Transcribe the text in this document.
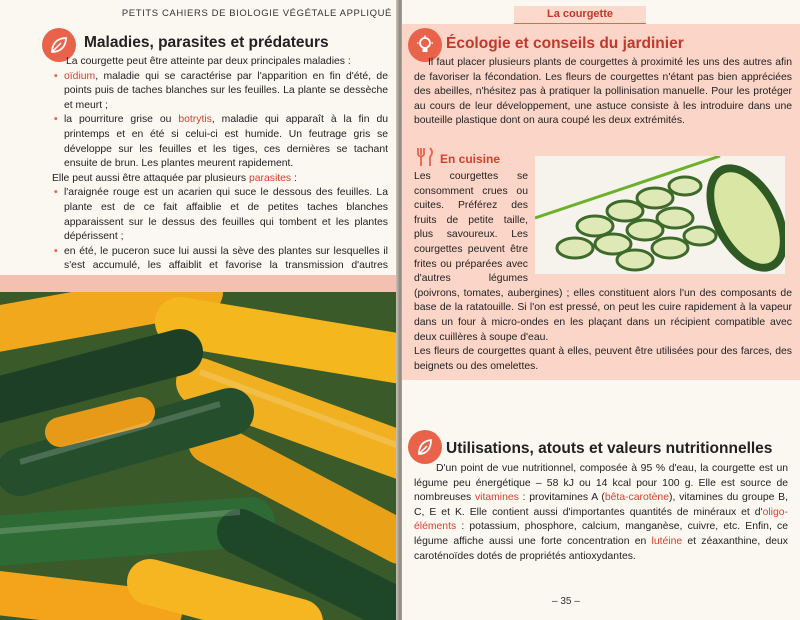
PETITS CAHIERS DE BIOLOGIE VÉGÉTALE APPLIQUÉ
Maladies, parasites et prédateurs

La courgette peut être atteinte par deux principales maladies :

• oïdium, maladie qui se caractérise par l'apparition en fin d'été, de points puis de taches blanches sur les feuilles. La plante se dessèche et meurt ;

• la pourriture grise ou botrytis, maladie qui apparaît à la fin du printemps et en été si celui-ci est humide. Un feutrage gris se développe sur les feuilles et les tiges, ces dernières se tachant ensuite de brun. Les plantes meurent rapidement.

Elle peut aussi être attaquée par plusieurs parasites :

• l'araignée rouge est un acarien qui suce le dessous des feuilles. La plante est de ce fait affaiblie et de petites taches blanches apparaissent sur le dessus des feuilles qui tombent et les plantes dépérissent ;

• en été, le puceron suce lui aussi la sève des plantes sur lesquelles il s'est accumulé, les affaiblit et favorise la transmission d'autres

La courgette
Écologie et conseils du jardinier
Il faut placer plusieurs plants de courgettes à proximité les uns des autres afin de favoriser la fécondation. Les fleurs de courgettes n'étant pas bien appréciées des abeilles, n'hésitez pas à pratiquer la pollinisation manuelle. Pour les protéger au cours de leur développement, une astuce consiste à les introduire dans une bouteille plastique dont on aura coupé les deux extrémités.
En cuisine

Les courgettes se consomment crues ou cuites. Préférez des fruits de petite taille, plus savoureux. Les courgettes peuvent être frites ou préparées avec d'autres légumes (poivrons, tomates, aubergines) ; elles constituent alors l'un des composants de base de la ratatouille. Si l'on est pressé, on peut les cuire rapidement à la vapeur dans un four à micro-ondes en les plaçant dans un récipient compatible avec deux cuillères à soupe d'eau.

Les fleurs de courgettes quant à elles, peuvent être utilisées pour des farces, des beignets ou des omelettes.

Utilisations, atouts et valeurs nutritionnelles
D'un point de vue nutritionnel, composée à 95 % d'eau, la courgette est un légume peu énergétique – 58 kJ ou 14 kcal pour 100 g. Elle est source de nombreuses vitamines : provitamines A (bêta-carotène), vitamines du groupe B, C, E et K. Elle contient aussi d'importantes quantités de minéraux et d'oligo-éléments : potassium, phosphore, calcium, manganèse, cuivre, etc. Enfin, ce légume affiche aussi une forte concentration en lutéine et zéaxanthine, deux caroténoïdes dotés de propriétés antioxydantes.
– 35 –
